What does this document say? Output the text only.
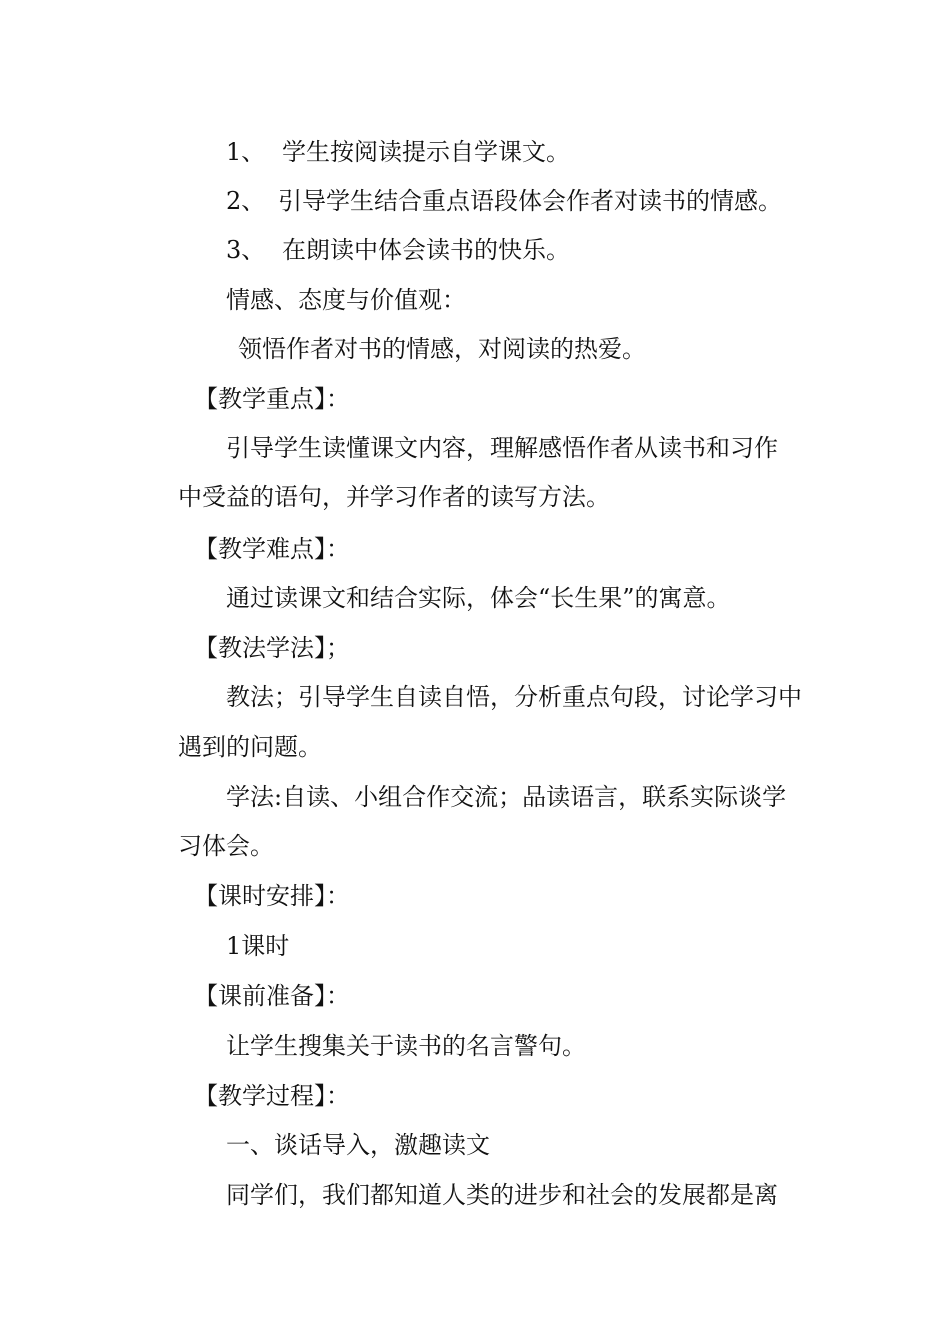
1、 学生按阅读提示自学课文。
2、 引导学生结合重点语段体会作者对读书的情感。
3、 在朗读中体会读书的快乐。
情感、态度与价值观：
领悟作者对书的情感，对阅读的热爱。
【教学重点】：
引导学生读懂课文内容，理解感悟作者从读书和习作
中受益的语句，并学习作者的读写方法。
【教学难点】：
通过读课文和结合实际，体会“长生果”的寓意。
【教法学法】；
教法；引导学生自读自悟，分析重点句段，讨论学习中
遇到的问题。
学法:自读、小组合作交流；品读语言，联系实际谈学
习体会。
【课时安排】：
1课时
【课前准备】：
让学生搜集关于读书的名言警句。
【教学过程】：
一、谈话导入，激趣读文
同学们，我们都知道人类的进步和社会的发展都是离
